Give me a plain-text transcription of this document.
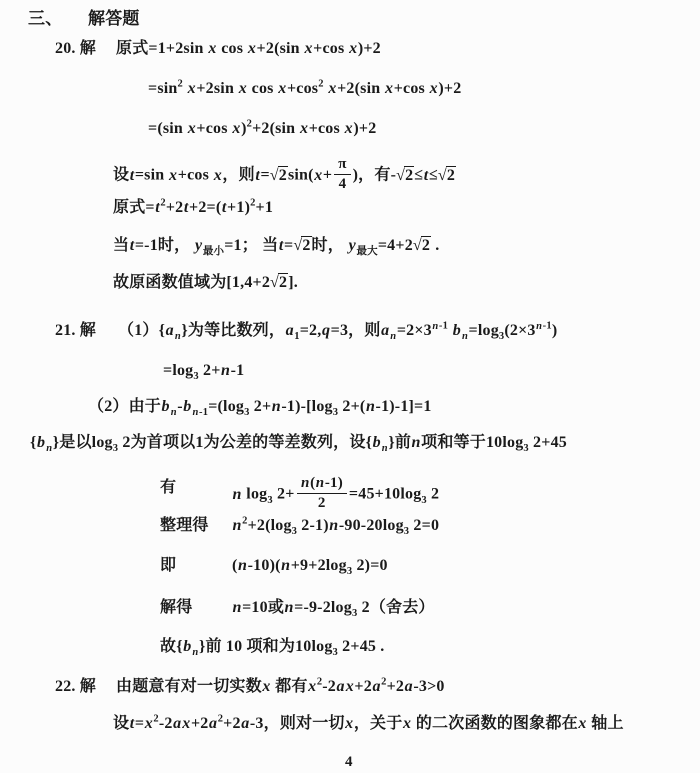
4
三、 解答题
20. 解 原式=1+2sin x cos x+2(sin x+cos x)+2
$=\sin^2$ x+2sin x $\cos x+\cos^2$ x+2(sin x+cos x)+2
=(sin x+cos x)$^2$+2(sin x+cos x)+2
设t=sin x+cos x，则$t=√2\sin(x+ \frac{\pi}{4}$ )，有-√2≤t≤√2
原式$=t^2+2t+2=(t+1)^2+1$
当t=-1时， $y_{最小}=1$； 当t=√2时， $y_{最大}=4+2√2$ .
故原函数值域为[1,4+2√2].
21. 解 $(1)\{a_n\}$为等比数列，$a_1=2,q=3$，则$a_n=2\times 3^{n-1}$ $b_n=\log_3(2\times 3^{n-1})$
$=\log_3$ 2+n-1
（2）由于$b_n-b_{n-1}=(\log_3$ $2+n-1)-[\log_3$ 2+(n-1)-1]=1
$\{b_n\}$是以$\log_3 2$为首项以1为公差的等差数列，设$\{b_n\}$前n项和等于$10\log_3$ 2+45
有	n $\log_3 2+ \frac{n(n-1)}{2} =45+10\log_3$ 2
整理得 $n^2+2(\log_3$ $2-1)n-90-20\log_3$ 2=0
即	$(n-10)(n+9+2\log_3$ 2)=0
解得	n=10或$n=-9-2\log_3$ 2（舍去）
故$\{b_n\}$前 10 项和为$10\log_3$ 2+45 .
22. 解 由题意有对一切实数x 都有$x^2-2ax+2a^2+2a-3>0$
设$t=x^2-2ax+2a^2+2a-3$，则对一切x，关于x 的二次函数的图象都在x 轴上
